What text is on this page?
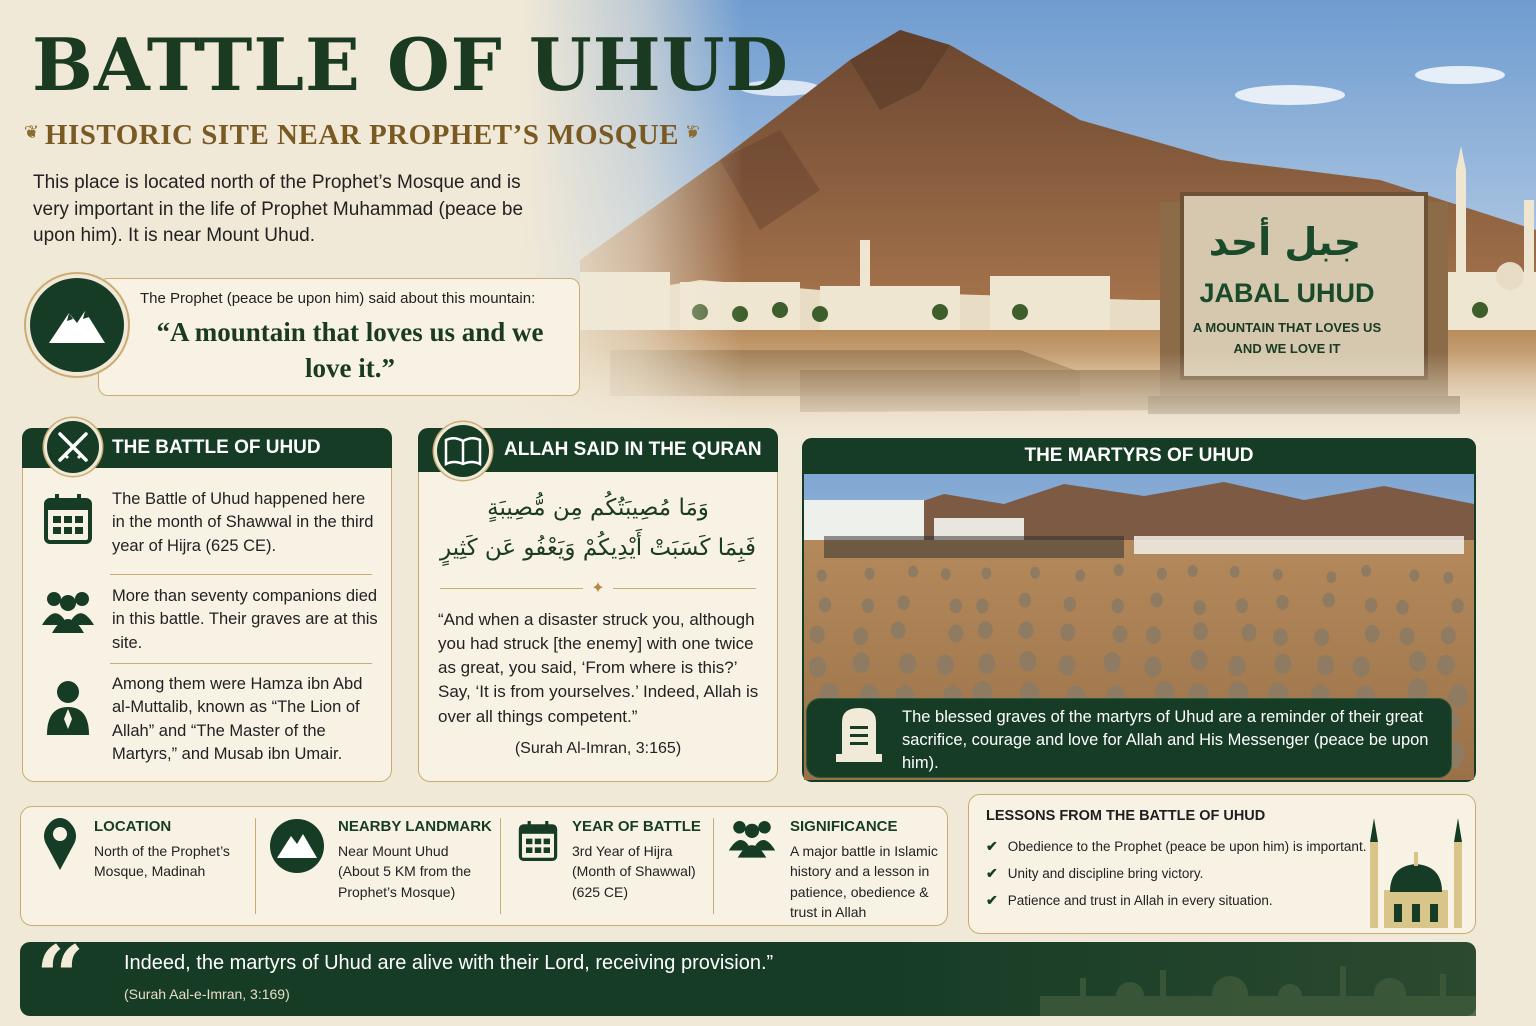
جبل أحد
JABAL UHUD
A MOUNTAIN THAT LOVES US
AND WE LOVE IT
BATTLE OF UHUD
❦
HISTORIC SITE NEAR PROPHET’S MOSQUE
❦
This place is located north of the Prophet’s Mosque and is very important in the life of Prophet Muhammad (peace be upon him). It is near Mount Uhud.
The Prophet (peace be upon him) said about this mountain:
“A mountain that loves us and we love it.”
THE BATTLE OF UHUD
The Battle of Uhud happened here in the month of Shawwal in the third year of Hijra (625 CE).
More than seventy companions died in this battle. Their graves are at this site.
Among them were Hamza ibn Abd al-Muttalib, known as “The Lion of Allah” and “The Master of the Martyrs,” and Musab ibn Umair.
ALLAH SAID IN THE QURAN
وَمَا مُصِيبَتُكُم مِن مُّصِيبَةٍ
فَبِمَا كَسَبَتْ أَيْدِيكُمْ وَيَعْفُو عَن كَثِيرٍ
✦
“And when a disaster struck you, although you had struck [the enemy] with one twice as great, you said, ‘From where is this?’ Say, ‘It is from yourselves.’ Indeed, Allah is over all things competent.”
(Surah Al-Imran, 3:165)
THE MARTYRS OF UHUD
The blessed graves of the martyrs of Uhud are a reminder of their great sacrifice, courage and love for Allah and His Messenger (peace be upon him).
LOCATION
North of the Prophet’s Mosque, Madinah
NEARBY LANDMARK
Near Mount Uhud (About 5 KM from the Prophet’s Mosque)
YEAR OF BATTLE
3rd Year of Hijra (Month of Shawwal) (625 CE)
SIGNIFICANCE
A major battle in Islamic history and a lesson in patience, obedience & trust in Allah
LESSONS FROM THE BATTLE OF UHUD
✔ Obedience to the Prophet (peace be upon him) is important.
✔ Unity and discipline bring victory.
✔ Patience and trust in Allah in every situation.
“ Indeed, the martyrs of Uhud are alive with their Lord, receiving provision.”
(Surah Aal-e-Imran, 3:169)
